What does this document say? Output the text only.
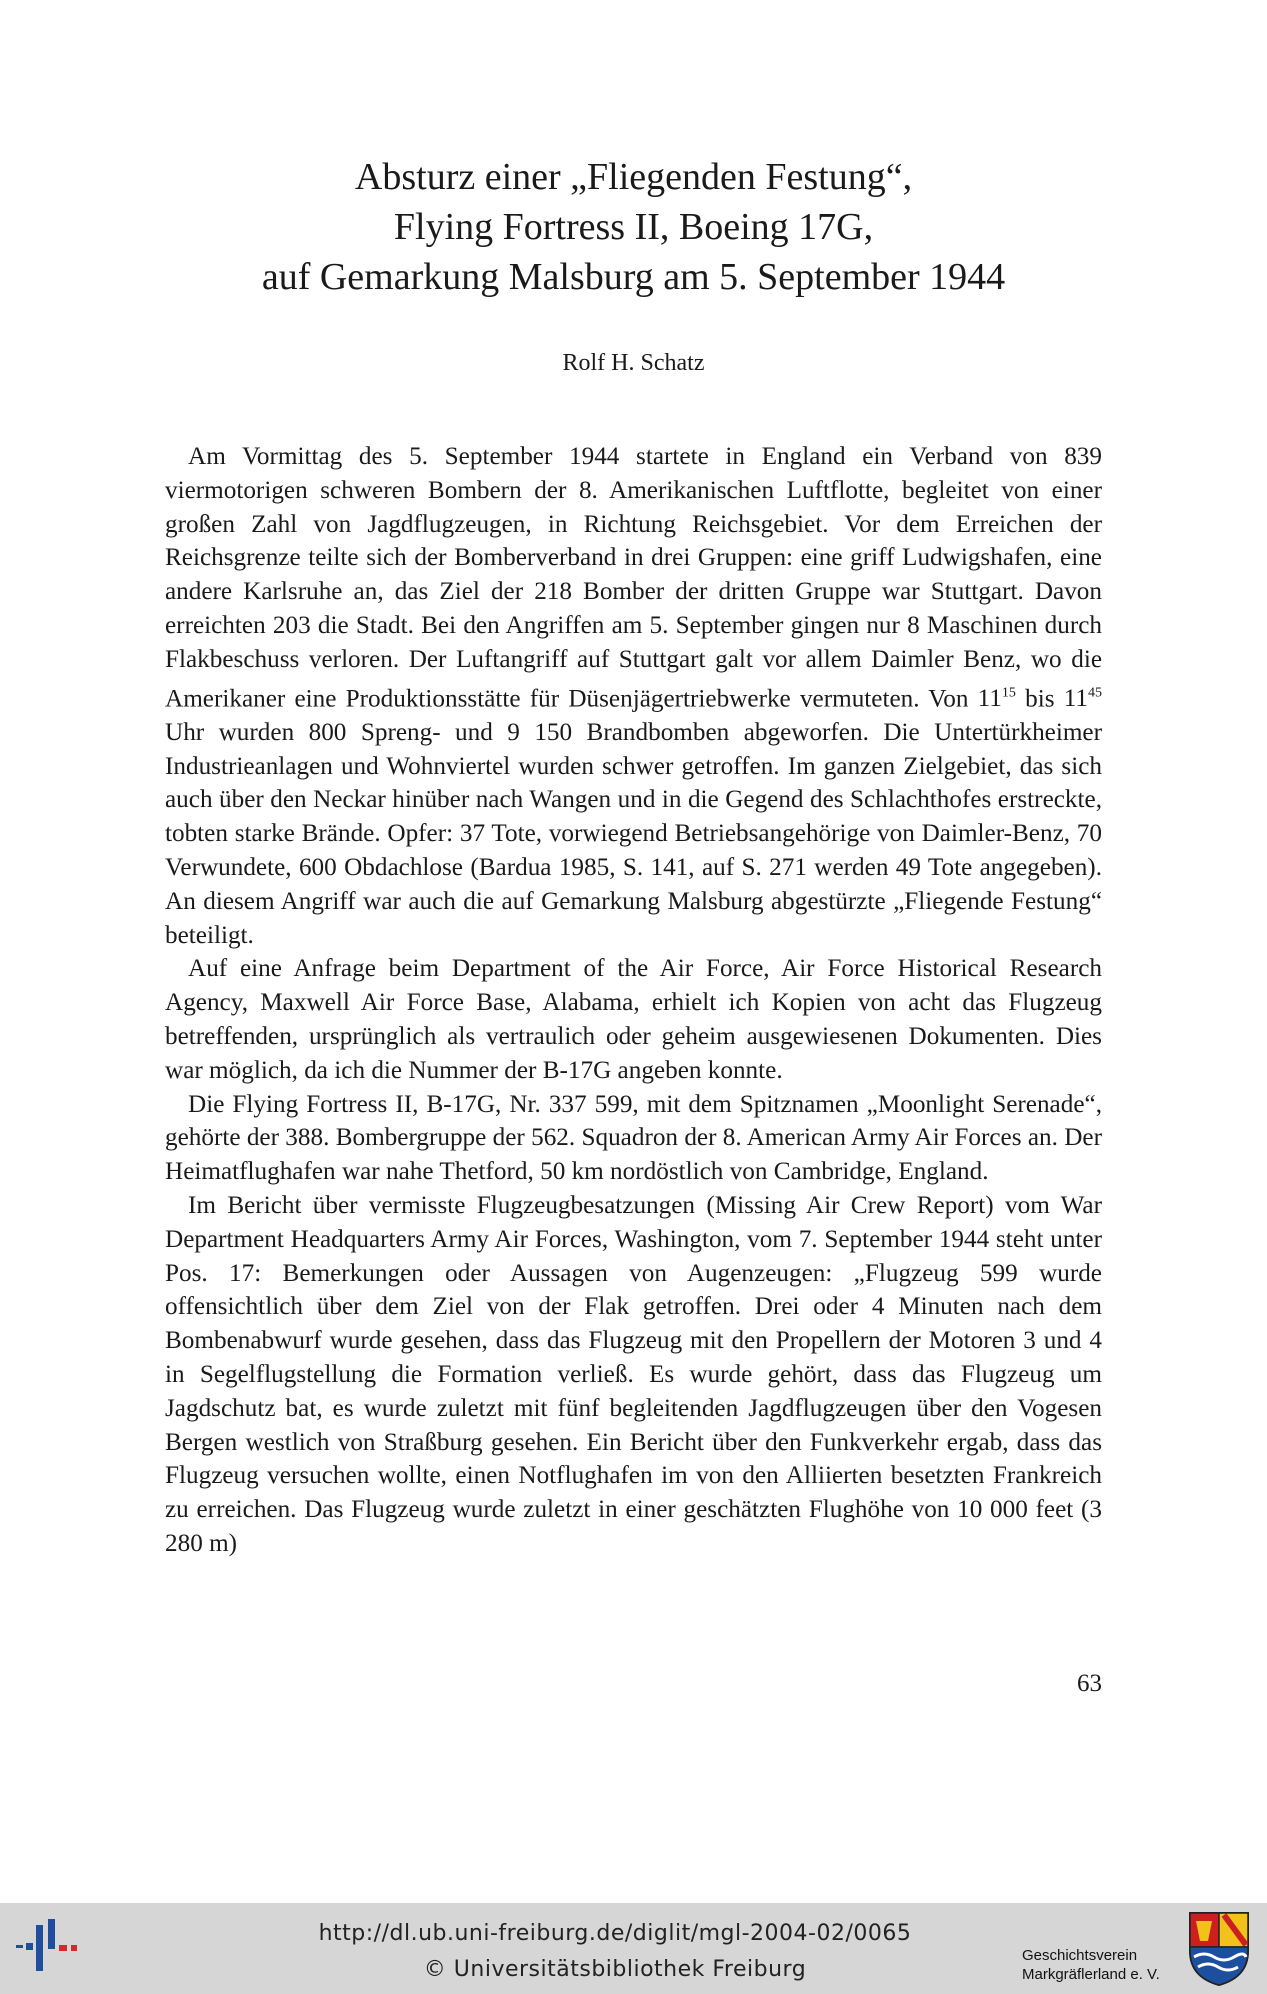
Absturz einer „Fliegenden Festung“,
Flying Fortress II, Boeing 17G,
auf Gemarkung Malsburg am 5. September 1944
Rolf H. Schatz

Am Vormittag des 5. September 1944 startete in England ein Verband von 839 viermotorigen schweren Bombern der 8. Amerikanischen Luftflotte, begleitet von einer großen Zahl von Jagdflugzeugen, in Richtung Reichsgebiet. Vor dem Erreichen der Reichsgrenze teilte sich der Bomberverband in drei Gruppen: eine griff Ludwigshafen, eine andere Karlsruhe an, das Ziel der 218 Bomber der dritten Gruppe war Stuttgart. Davon erreichten 203 die Stadt. Bei den Angriffen am 5. September gingen nur 8 Maschinen durch Flakbeschuss verloren. Der Luftangriff auf Stuttgart galt vor allem Daimler Benz, wo die Amerikaner eine Produktionsstätte für Düsenjägertriebwerke vermuteten. Von $11^{15}$ bis $11^{45}$ Uhr wurden 800 Spreng- und 9 150 Brandbomben abgeworfen. Die Untertürkheimer Industrieanlagen und Wohnviertel wurden schwer getroffen. Im ganzen Zielgebiet, das sich auch über den Neckar hinüber nach Wangen und in die Gegend des Schlachthofes erstreckte, tobten starke Brände. Opfer: 37 Tote, vorwiegend Betriebsangehörige von Daimler-Benz, 70 Verwundete, 600 Obdachlose (Bardua 1985, S. 141, auf S. 271 werden 49 Tote angegeben). An diesem Angriff war auch die auf Gemarkung Malsburg abgestürzte „Fliegende Festung“ beteiligt.

Auf eine Anfrage beim Department of the Air Force, Air Force Historical Research Agency, Maxwell Air Force Base, Alabama, erhielt ich Kopien von acht das Flugzeug betreffenden, ursprünglich als vertraulich oder geheim ausgewiesenen Dokumenten. Dies war möglich, da ich die Nummer der B-17G angeben konnte.

Die Flying Fortress II, B-17G, Nr. 337 599, mit dem Spitznamen „Moonlight Serenade“, gehörte der 388. Bombergruppe der 562. Squadron der 8. American Army Air Forces an. Der Heimatflughafen war nahe Thetford, 50 km nordöstlich von Cambridge, England.

Im Bericht über vermisste Flugzeugbesatzungen (Missing Air Crew Report) vom War Department Headquarters Army Air Forces, Washington, vom 7. September 1944 steht unter Pos. 17: Bemerkungen oder Aussagen von Augenzeugen: „Flugzeug 599 wurde offensichtlich über dem Ziel von der Flak getroffen. Drei oder 4 Minuten nach dem Bombenabwurf wurde gesehen, dass das Flugzeug mit den Propellern der Motoren 3 und 4 in Segelflugstellung die Formation verließ. Es wurde gehört, dass das Flugzeug um Jagdschutz bat, es wurde zuletzt mit fünf begleitenden Jagdflugzeugen über den Vogesen Bergen westlich von Straßburg gesehen. Ein Bericht über den Funkverkehr ergab, dass das Flugzeug versuchen wollte, einen Notflughafen im von den Alliierten besetzten Frankreich zu erreichen. Das Flugzeug wurde zuletzt in einer geschätzten Flughöhe von 10 000 feet (3 280 m)

63
http://dl.ub.uni-freiburg.de/diglit/mgl-2004-02/0065
© Universitätsbibliothek Freiburg
Geschichtsverein
Markgräflerland e. V.
